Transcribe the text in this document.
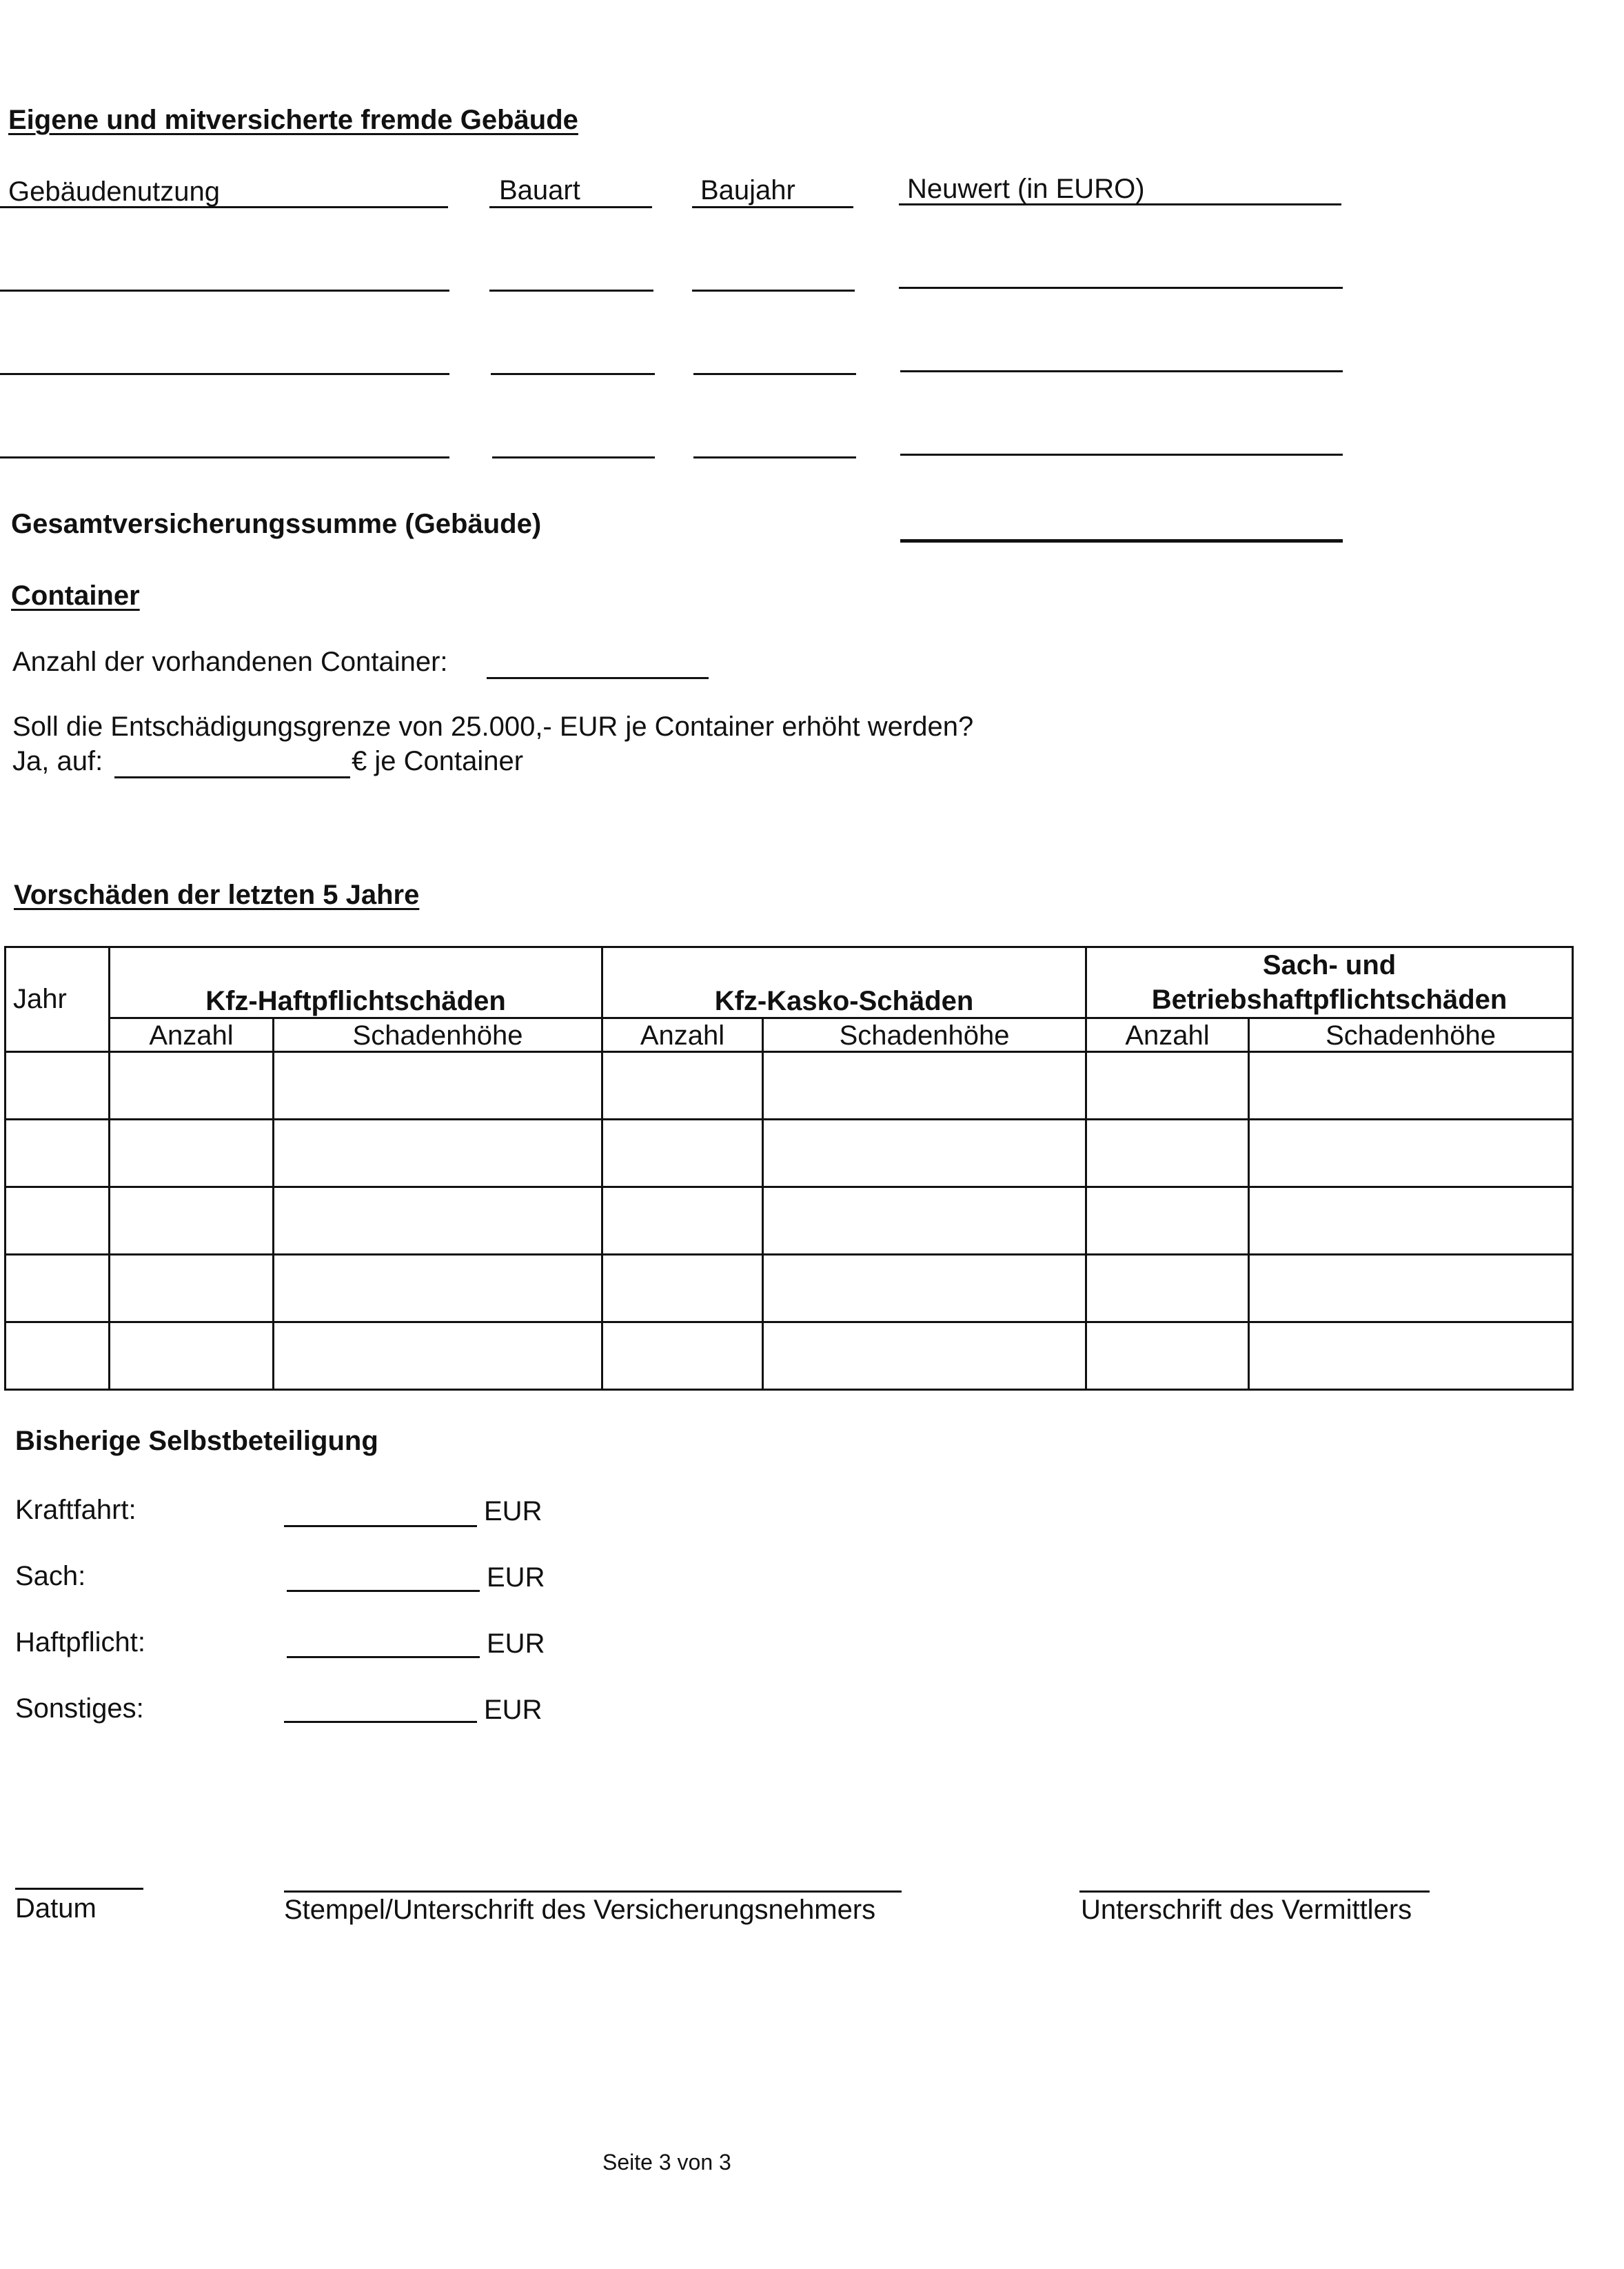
Eigene und mitversicherte fremde Gebäude
Gebäudenutzung	Bauart	Baujahr	Neuwert (in EURO)
Gesamtversicherungssumme (Gebäude)
Container
Anzahl der vorhandenen Container:
Soll die Entschädigungsgrenze von 25.000,- EUR je Container erhöht werden?
Ja, auf:	€ je Container
Vorschäden der letzten 5 Jahre
Jahr	Kfz-Haftpflichtschäden		Kfz-Kasko-Schäden		Sach- und
Betriebshaftpflichtschäden	

	Anzahl	Schadenhöhe	Anzahl	Schadenhöhe	Anzahl	Schadenhöhe

Bisherige Selbstbeteiligung
Kraftfahrt:	EUR
Sach:	EUR
Haftpflicht:	EUR
Sonstiges:	EUR
Datum	Stempel/Unterschrift des Versicherungsnehmers	Unterschrift des Vermittlers
Seite 3 von 3
